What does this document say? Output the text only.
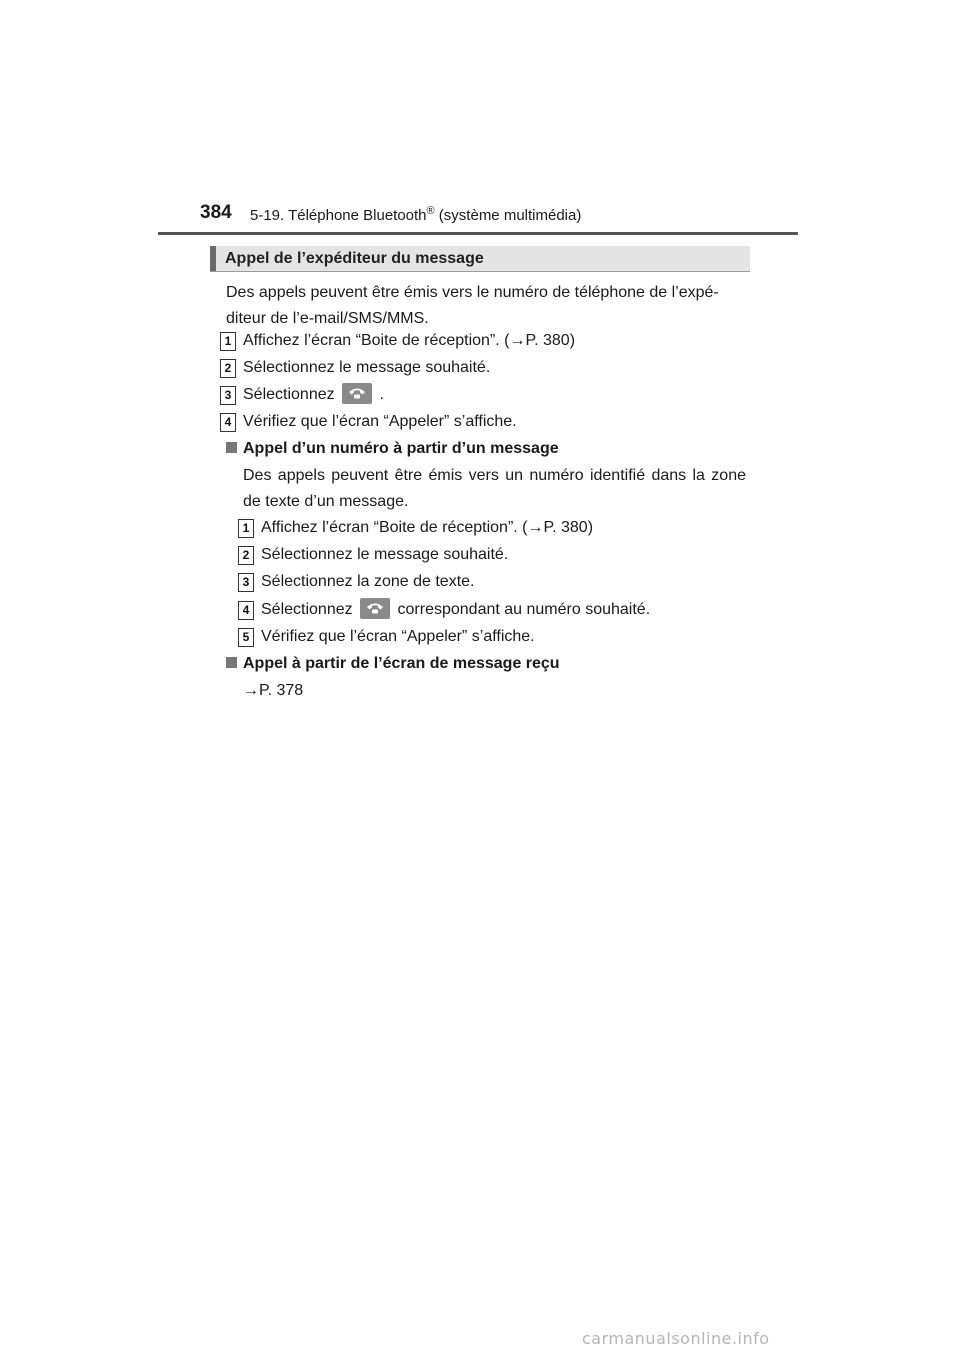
384 5-19. Téléphone Bluetooth® (système multimédia)
Appel de l’expéditeur du message
Des appels peuvent être émis vers le numéro de téléphone de l’expé-
diteur de l’e-mail/SMS/MMS.
1 Affichez l’écran “Boite de réception”. (→P. 380)
2 Sélectionnez le message souhaité.
3 Sélectionnez	.
4 Vérifiez que l’écran “Appeler” s’affiche.
Appel d’un numéro à partir d’un message
Des appels peuvent être émis vers un numéro identifié dans la zone de texte d’un message.
1 Affichez l’écran “Boite de réception”. (→P. 380)
2 Sélectionnez le message souhaité.
3 Sélectionnez la zone de texte.
4 Sélectionnez	correspondant au numéro souhaité.
5 Vérifiez que l’écran “Appeler” s’affiche.
Appel à partir de l’écran de message reçu
→P. 378
carmanualsonline.info
